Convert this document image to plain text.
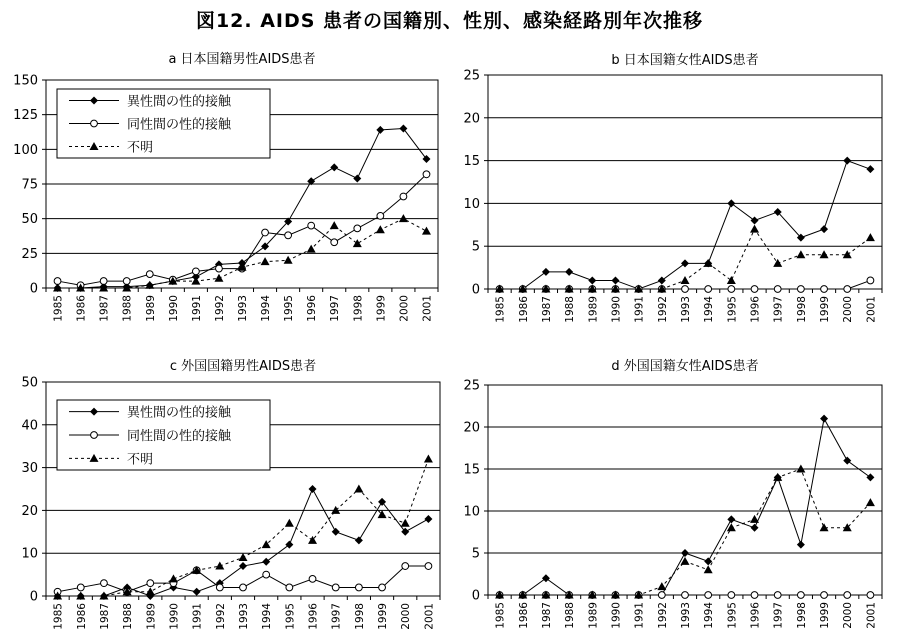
図12. AIDS 患者の国籍別、性別、感染経路別年次推移
a 日本国籍男性AIDS患者
0
25
50
75
100
125
150
1985 1986 1987 1988 1989 1990 1991 1992 1993 1994 1995 1996 1997 1998 1999 2000 2001
異性間の性的接触
同性間の性的接触
不明
b 日本国籍女性AIDS患者
0
5
10
15
20
25
1985 1986 1987 1988 1989 1990 1991 1992 1993 1994 1995 1996 1997 1998 1999 2000 2001
c 外国国籍男性AIDS患者
0
10
20
30
40
50
1985 1986 1987 1988 1989 1990 1991 1992 1993 1994 1995 1996 1997 1998 1999 2000 2001
異性間の性的接触
同性間の性的接触
不明
d 外国国籍女性AIDS患者
0
5
10
15
20
25
1985 1986 1987 1988 1989 1990 1991 1992 1993 1994 1995 1996 1997 1998 1999 2000 2001
